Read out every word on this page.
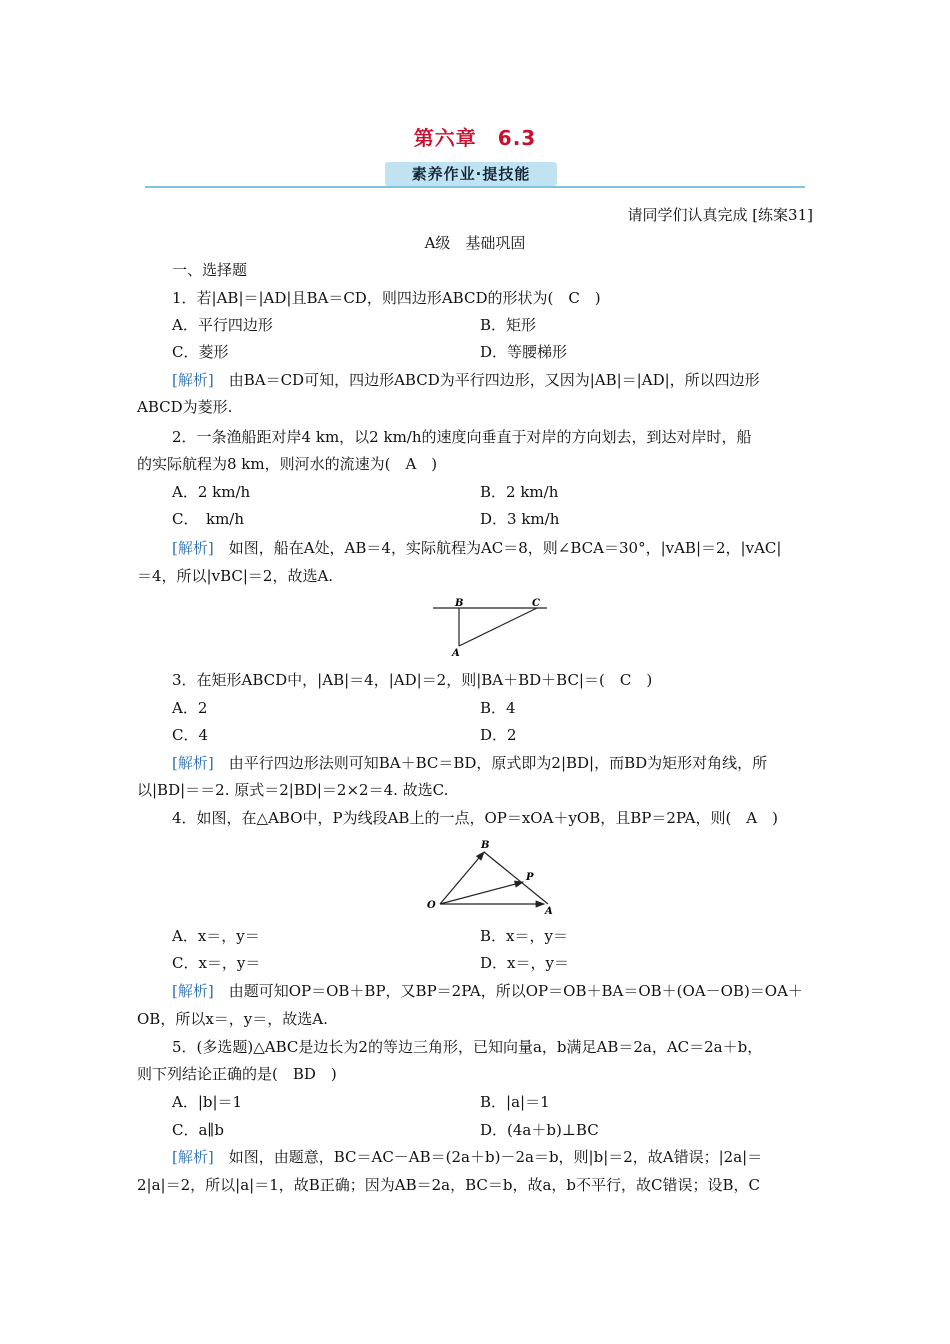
第六章　6.3
素养作业·提技能
请同学们认真完成 [练案31]
A级　基础巩固
一、选择题
1．若|AB|＝|AD|且BA＝CD，则四边形ABCD的形状为(　C　)
A．平行四边形	B．矩形
C．菱形	D．等腰梯形
[解析]　由BA＝CD可知，四边形ABCD为平行四边形，又因为|AB|＝|AD|，所以四边形
ABCD为菱形.
2．一条渔船距对岸4 km，以2 km/h的速度向垂直于对岸的方向划去，到达对岸时，船
的实际航程为8 km，则河水的流速为(　A　)
A．2 km/h	B．2 km/h
C．　km/h	D．3 km/h
[解析]　如图，船在A处，AB＝4，实际航程为AC＝8，则∠BCA＝30°，|vAB|＝2，|vAC|
＝4，所以|vBC|＝2，故选A.
B	C
A
3．在矩形ABCD中，|AB|＝4，|AD|＝2，则|BA＋BD＋BC|＝(　C　)
A．2	B．4
C．4	D．2
[解析]　由平行四边形法则可知BA＋BC＝BD，原式即为2|BD|，而BD为矩形对角线，所
以|BD|＝＝2. 原式＝2|BD|＝2×2＝4. 故选C.
4．如图，在△ABO中，P为线段AB上的一点，OP＝xOA＋yOB，且BP＝2PA，则(　A　)
B
P
O
A
A．x＝，y＝	B．x＝，y＝
C．x＝，y＝	D．x＝，y＝
[解析]　由题可知OP＝OB＋BP，又BP＝2PA，所以OP＝OB＋BA＝OB＋(OA－OB)＝OA＋
OB，所以x＝，y＝，故选A.
5．(多选题)△ABC是边长为2的等边三角形，已知向量a，b满足AB＝2a，AC＝2a＋b，
则下列结论正确的是(　BD　)
A．|b|＝1	B．|a|＝1
C．a∥b	D．(4a＋b)⊥BC
[解析]　如图，由题意，BC＝AC－AB＝(2a＋b)－2a＝b，则|b|＝2，故A错误；|2a|＝
2|a|＝2，所以|a|＝1，故B正确；因为AB＝2a，BC＝b，故a，b不平行，故C错误；设B，C
